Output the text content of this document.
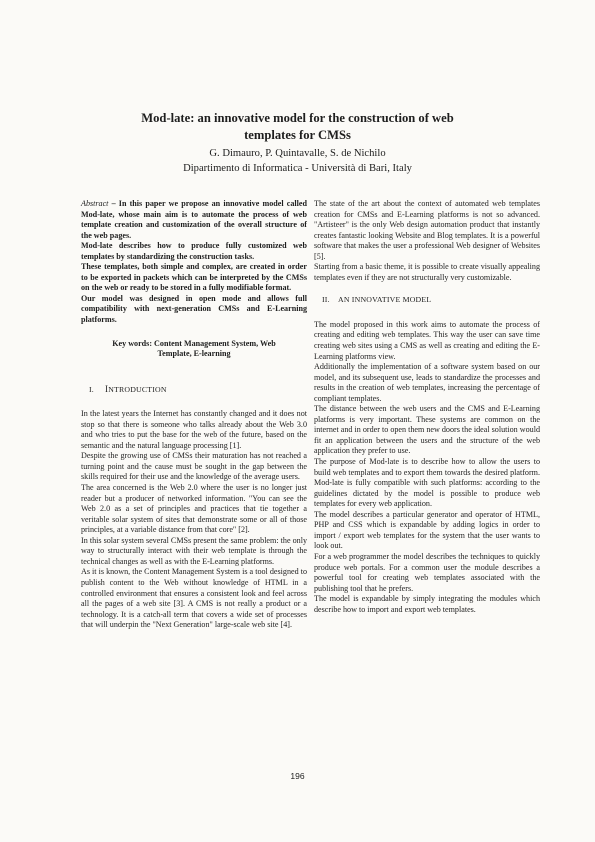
Mod-late: an innovative model for the construction of web
templates for CMSs
G. Dimauro, P. Quintavalle, S. de Nichilo
Dipartimento di Informatica - Università di Bari, Italy

Abstract – In this paper we propose an innovative model called Mod-late, whose main aim is to automate the process of web template creation and customization of the overall structure of the web pages.

Mod-late describes how to produce fully customized web templates by standardizing the construction tasks.

These templates, both simple and complex, are created in order to be exported in packets which can be interpreted by the CMSs on the web or ready to be stored in a fully modifiable format.

Our model was designed in open mode and allows full compatibility with next-generation CMSs and E-Learning platforms.

Key words: Content Management System, Web
Template, E-learning
I. INTRODUCTION

In the latest years the Internet has constantly changed and it does not stop so that there is someone who talks already about the Web 3.0 and who tries to put the base for the web of the future, based on the semantic and the natural language processing [1].

Despite the growing use of CMSs their maturation has not reached a turning point and the cause must be sought in the gap between the skills required for their use and the knowledge of the average users.

The area concerned is the Web 2.0 where the user is no longer just reader but a producer of networked information. "You can see the Web 2.0 as a set of principles and practices that tie together a veritable solar system of sites that demonstrate some or all of those principles, at a variable distance from that core" [2].

In this solar system several CMSs present the same problem: the only way to structurally interact with their web template is through the technical changes as well as with the E-Learning platforms.

As it is known, the Content Management System is a tool designed to publish content to the Web without knowledge of HTML in a controlled environment that ensures a consistent look and feel across all the pages of a web site [3]. A CMS is not really a product or a technology. It is a catch-all term that covers a wide set of processes that will underpin the "Next Generation" large-scale web site [4].

The state of the art about the context of automated web templates creation for CMSs and E-Learning platforms is not so advanced. "Artisteer" is the only Web design automation product that instantly creates fantastic looking Website and Blog templates. It is a powerful software that makes the user a professional Web designer of Websites [5].

Starting from a basic theme, it is possible to create visually appealing templates even if they are not structurally very customizable.

II. AN INNOVATIVE MODEL

The model proposed in this work aims to automate the process of creating and editing web templates. This way the user can save time creating web sites using a CMS as well as creating and editing the E-Learning platforms view.

Additionally the implementation of a software system based on our model, and its subsequent use, leads to standardize the processes and results in the creation of web templates, increasing the percentage of compliant templates.

The distance between the web users and the CMS and E-Learning platforms is very important. These systems are common on the internet and in order to open them new doors the ideal solution would fit an application between the users and the structure of the web application they prefer to use.

The purpose of Mod-late is to describe how to allow the users to build web templates and to export them towards the desired platform. Mod-late is fully compatible with such platforms: according to the guidelines dictated by the model is possible to produce web templates for every web application.

The model describes a particular generator and operator of HTML, PHP and CSS which is expandable by adding logics in order to import / export web templates for the system that the user wants to look out.

For a web programmer the model describes the techniques to quickly produce web portals. For a common user the module describes a powerful tool for creating web templates associated with the publishing tool that he prefers.

The model is expandable by simply integrating the modules which describe how to import and export web templates.

196
